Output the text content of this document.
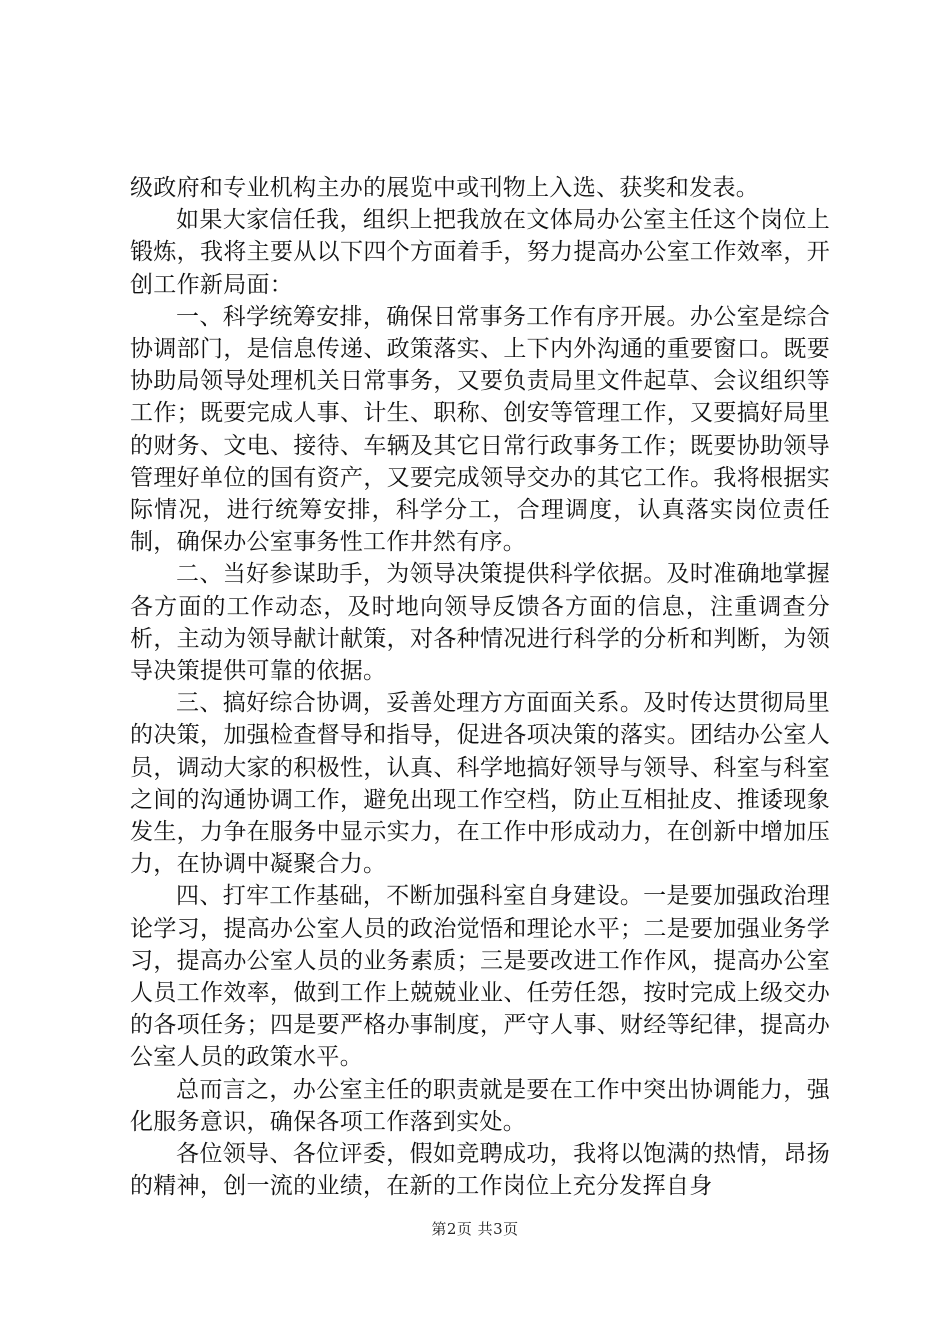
级政府和专业机构主办的展览中或刊物上入选、获奖和发表。

如果大家信任我，组织上把我放在文体局办公室主任这个岗位上锻炼，我将主要从以下四个方面着手，努力提高办公室工作效率，开创工作新局面：

一、科学统筹安排，确保日常事务工作有序开展。办公室是综合协调部门，是信息传递、政策落实、上下内外沟通的重要窗口。既要协助局领导处理机关日常事务，又要负责局里文件起草、会议组织等工作；既要完成人事、计生、职称、创安等管理工作，又要搞好局里的财务、文电、接待、车辆及其它日常行政事务工作；既要协助领导管理好单位的国有资产，又要完成领导交办的其它工作。我将根据实际情况，进行统筹安排，科学分工，合理调度，认真落实岗位责任制，确保办公室事务性工作井然有序。

二、当好参谋助手，为领导决策提供科学依据。及时准确地掌握各方面的工作动态，及时地向领导反馈各方面的信息，注重调查分析，主动为领导献计献策，对各种情况进行科学的分析和判断，为领导决策提供可靠的依据。

三、搞好综合协调，妥善处理方方面面关系。及时传达贯彻局里的决策，加强检查督导和指导，促进各项决策的落实。团结办公室人员，调动大家的积极性，认真、科学地搞好领导与领导、科室与科室之间的沟通协调工作，避免出现工作空档，防止互相扯皮、推诿现象发生，力争在服务中显示实力，在工作中形成动力，在创新中增加压力，在协调中凝聚合力。

四、打牢工作基础，不断加强科室自身建设。一是要加强政治理论学习，提高办公室人员的政治觉悟和理论水平；二是要加强业务学习，提高办公室人员的业务素质；三是要改进工作作风，提高办公室人员工作效率，做到工作上兢兢业业、任劳任怨，按时完成上级交办的各项任务；四是要严格办事制度，严守人事、财经等纪律，提高办公室人员的政策水平。

总而言之，办公室主任的职责就是要在工作中突出协调能力，强化服务意识，确保各项工作落到实处。

各位领导、各位评委，假如竞聘成功，我将以饱满的热情，昂扬的精神，创一流的业绩，在新的工作岗位上充分发挥自身

第2页 共3页
